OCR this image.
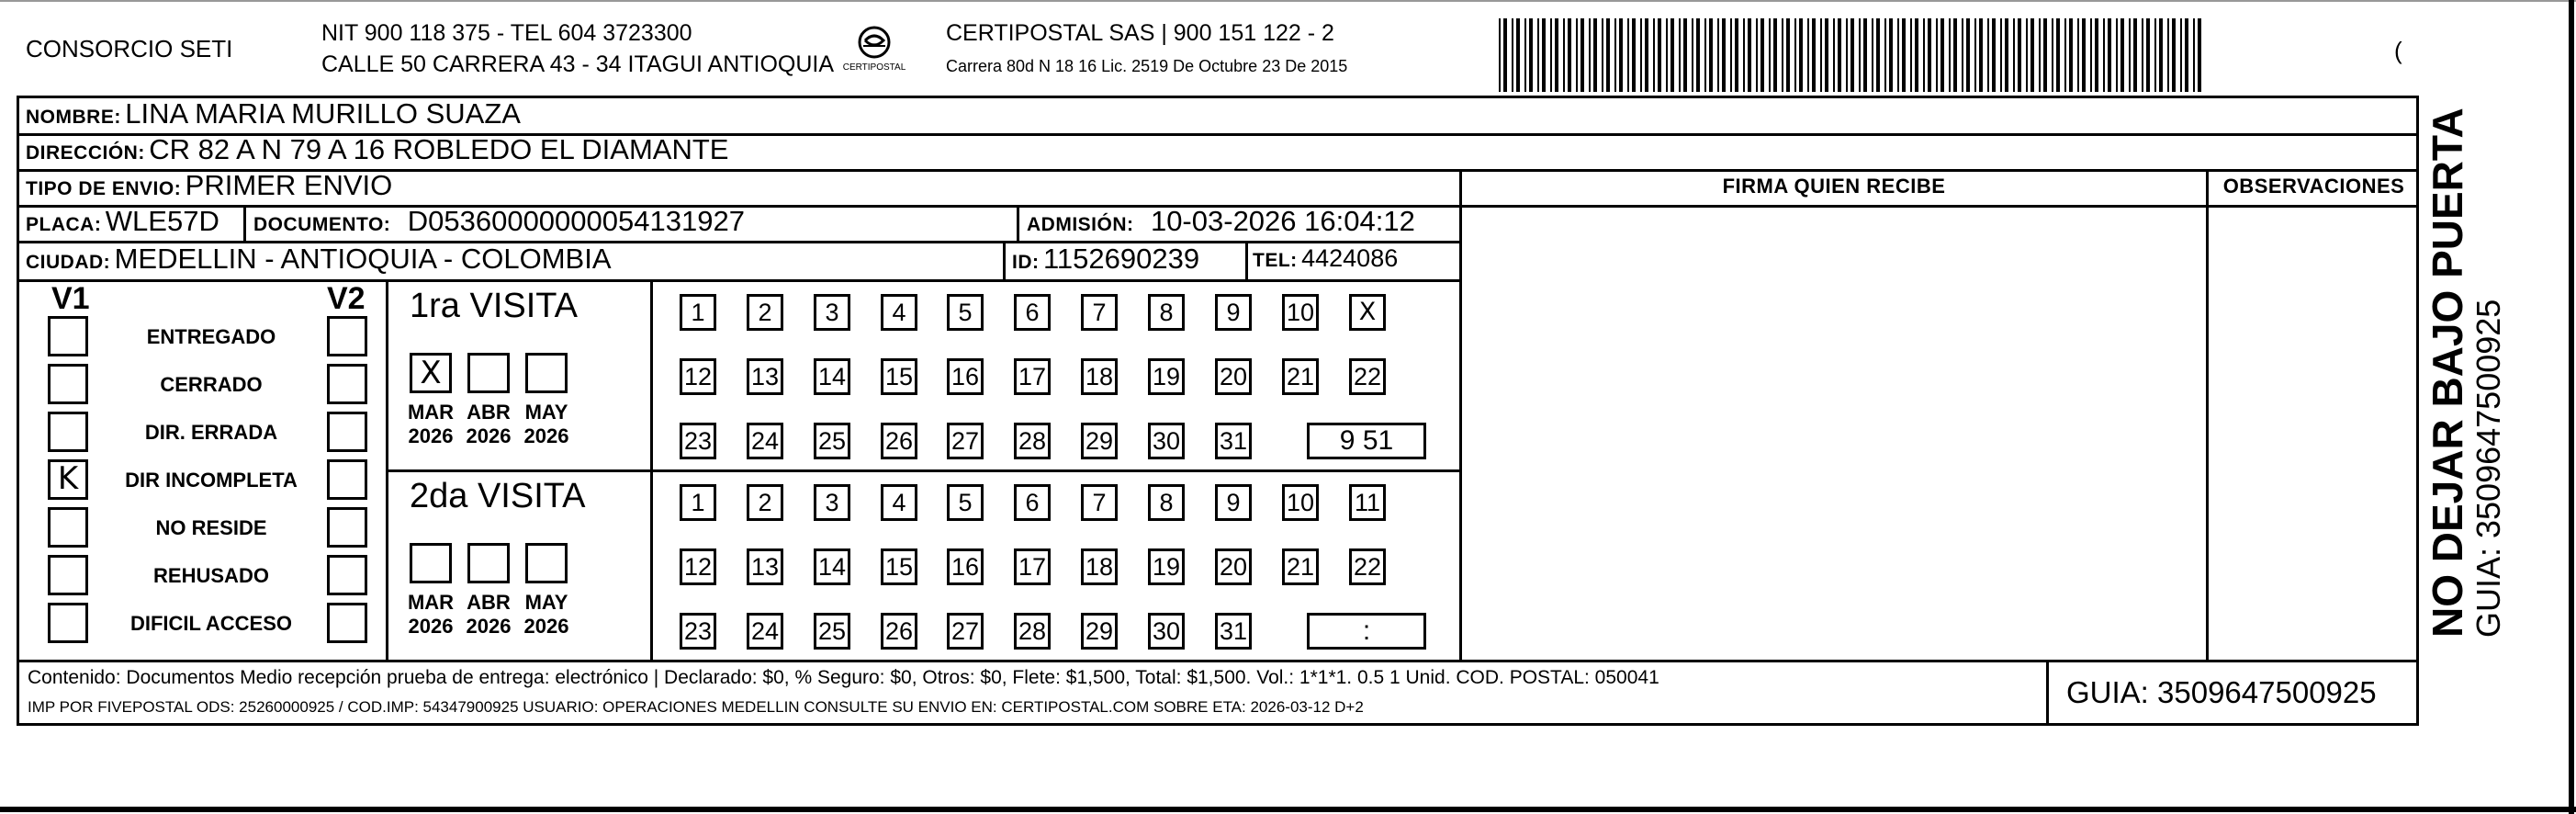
CONSORCIO SETI
NIT 900 118 375 - TEL 604 3723300
CALLE 50 CARRERA 43 - 34 ITAGUI ANTIOQUIA CERTIPOSTAL
CERTIPOSTAL SAS | 900 151 122 - 2
Carrera 80d N 18 16 Lic. 2519 De Octubre 23 De 2015
(
NOMBRE: LINA MARIA MURILLO SUAZA
DIRECCIÓN: CR 82 A N 79 A 16 ROBLEDO EL DIAMANTE
TIPO DE ENVIO: PRIMER ENVIO
PLACA: WLE57D DOCUMENTO: D05360000000054131927	ADMISIÓN: 10-03-2026 16:04:12
CIUDAD: MEDELLIN - ANTIOQUIA - COLOMBIA	ID: 1152690239	TEL: 4424086
FIRMA QUIEN RECIBE	OBSERVACIONES
V1	V2
ENTREGADO
CERRADO
DIR. ERRADA
K	DIR INCOMPLETA
NO RESIDE
REHUSADO
DIFICIL ACCESO
1ra VISITA
X
MAR
2026
ABR
2026
MAY
2026
1	2	3	4	5	6	7	8	9	10	X
12 13 14 15 16 17 18 19 20 21 22
23 24 25 26 27 28 29 30 31	9 51
2da VISITA
MAR
2026
ABR
2026
MAY
2026
1	2	3	4	5	6	7	8	9	10 11
12 13 14 15 16 17 18 19 20 21 22
23 24 25 26 27 28 29 30 31	:
Contenido: Documentos Medio recepción prueba de entrega: electrónico | Declarado: $0, % Seguro: $0, Otros: $0, Flete: $1,500, Total: $1,500. Vol.: 1*1*1. 0.5 1 Unid. COD. POSTAL: 050041
IMP POR FIVEPOSTAL ODS: 25260000925 / COD.IMP: 54347900925 USUARIO: OPERACIONES MEDELLIN CONSULTE SU ENVIO EN: CERTIPOSTAL.COM SOBRE ETA: 2026-03-12 D+2	GUIA: 3509647500925
NO DEJAR BAJO PUERTA
GUIA: 3509647500925
